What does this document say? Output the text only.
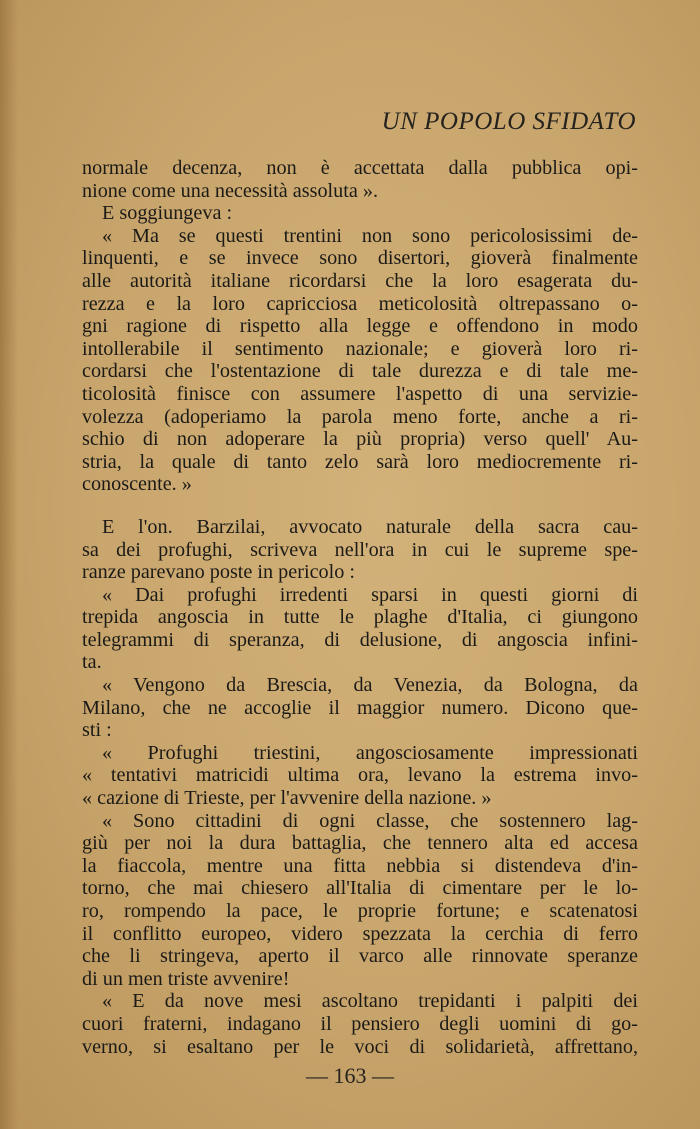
UN POPOLO SFIDATO
normale decenza, non è accettata dalla pubblica opi-
nione come una necessità assoluta ».
E soggiungeva :
« Ma se questi trentini non sono pericolosissimi de-
linquenti, e se invece sono disertori, gioverà finalmente
alle autorità italiane ricordarsi che la loro esagerata du-
rezza e la loro capricciosa meticolosità oltrepassano o-
gni ragione di rispetto alla legge e offendono in modo
intollerabile il sentimento nazionale; e gioverà loro ri-
cordarsi che l'ostentazione di tale durezza e di tale me-
ticolosità finisce con assumere l'aspetto di una servizie-
volezza (adoperiamo la parola meno forte, anche a ri-
schio di non adoperare la più propria) verso quell' Au-
stria, la quale di tanto zelo sarà loro mediocremente ri-
conoscente. »
E l'on. Barzilai, avvocato naturale della sacra cau-
sa dei profughi, scriveva nell'ora in cui le supreme spe-
ranze parevano poste in pericolo :
« Dai profughi irredenti sparsi in questi giorni di
trepida angoscia in tutte le plaghe d'Italia, ci giungono
telegrammi di speranza, di delusione, di angoscia infini-
ta.
« Vengono da Brescia, da Venezia, da Bologna, da
Milano, che ne accoglie il maggior numero. Dicono que-
sti :
« Profughi triestini, angosciosamente impressionati
« tentativi matricidi ultima ora, levano la estrema invo-
« cazione di Trieste, per l'avvenire della nazione. »
« Sono cittadini di ogni classe, che sostennero lag-
giù per noi la dura battaglia, che tennero alta ed accesa
la fiaccola, mentre una fitta nebbia si distendeva d'in-
torno, che mai chiesero all'Italia di cimentare per le lo-
ro, rompendo la pace, le proprie fortune; e scatenatosi
il conflitto europeo, videro spezzata la cerchia di ferro
che li stringeva, aperto il varco alle rinnovate speranze
di un men triste avvenire!
« E da nove mesi ascoltano trepidanti i palpiti dei
cuori fraterni, indagano il pensiero degli uomini di go-
verno, si esaltano per le voci di solidarietà, affrettano,
— 163 —
